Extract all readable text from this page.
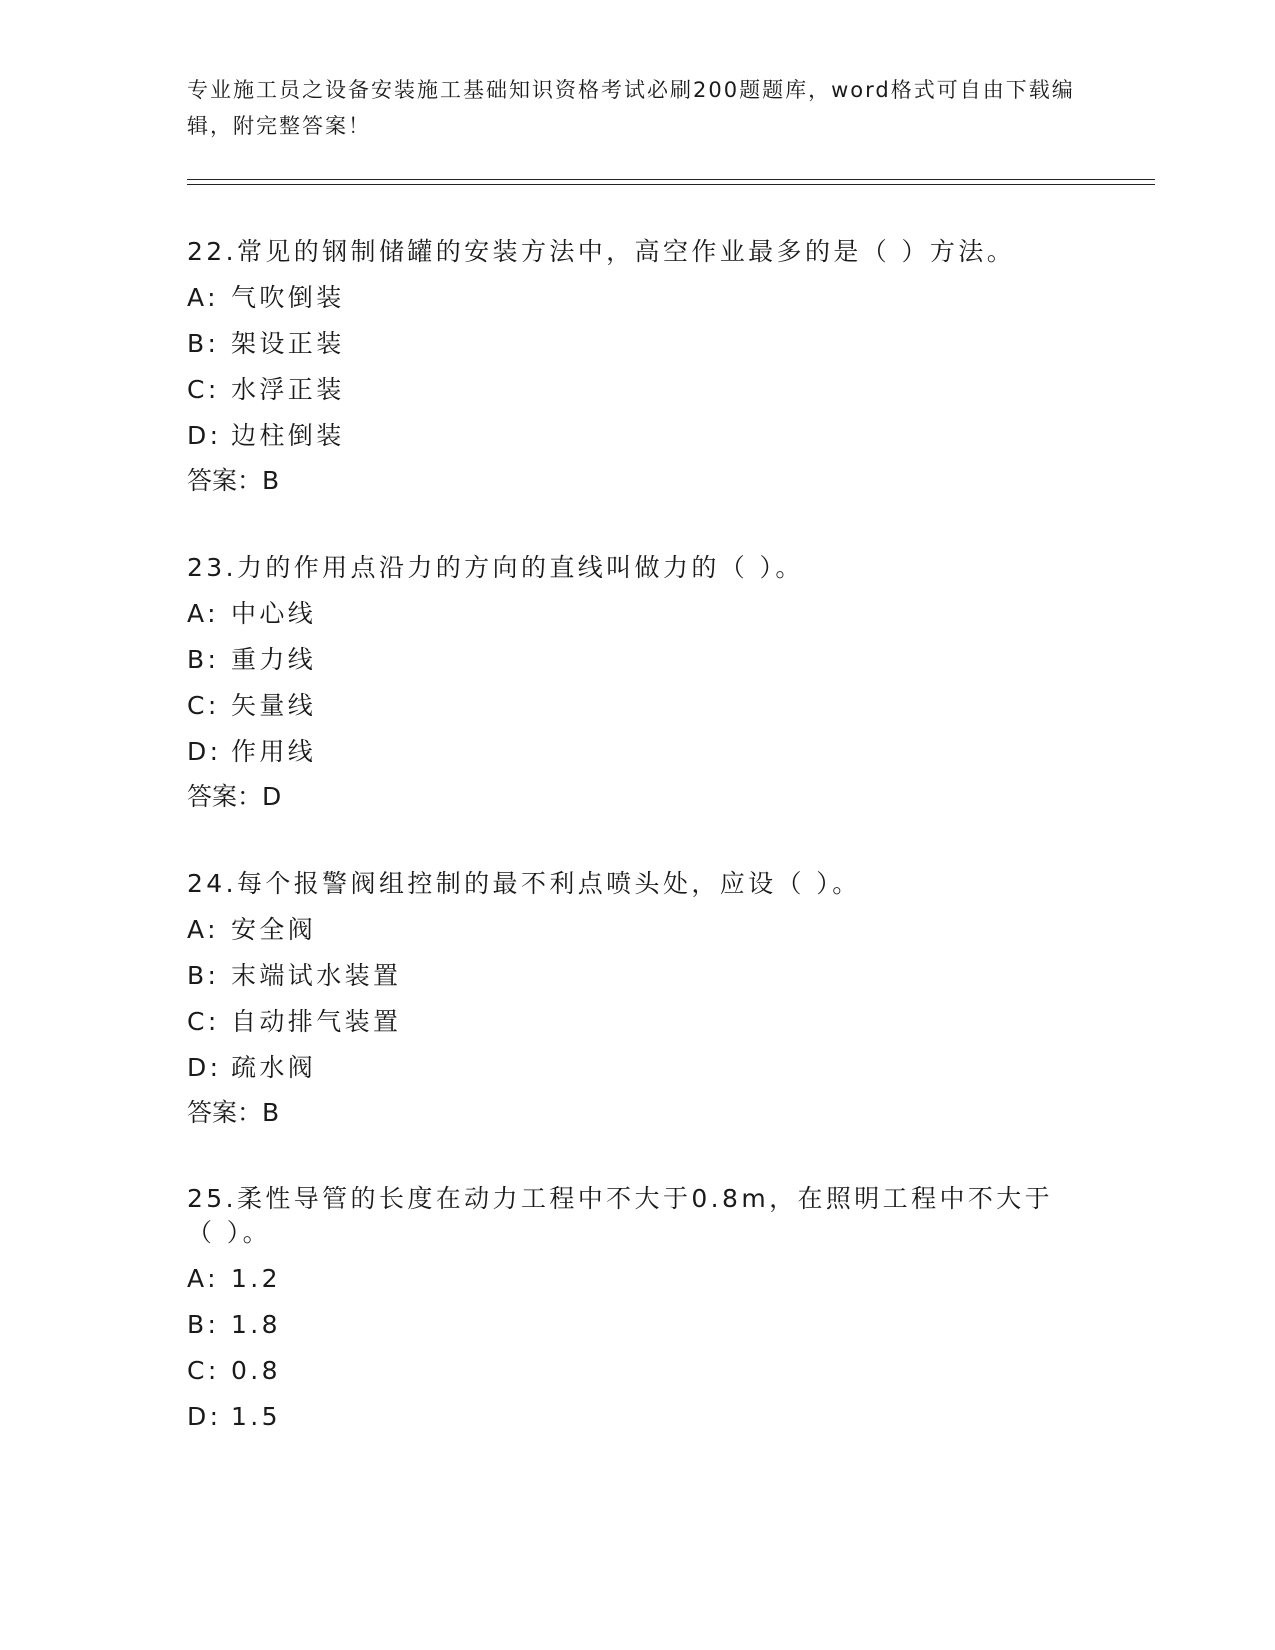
专业施工员之设备安装施工基础知识资格考试必刷200题题库，word格式可自由下载编辑，附完整答案！

22.常见的钢制储罐的安装方法中，高空作业最多的是（ ）方法。

A: 气吹倒装
B: 架设正装
C: 水浮正装
D: 边柱倒装
答案：B

23.力的作用点沿力的方向的直线叫做力的（ ）。

A: 中心线
B: 重力线
C: 矢量线
D: 作用线
答案：D

24.每个报警阀组控制的最不利点喷头处，应设（ ）。

A: 安全阀
B: 末端试水装置
C: 自动排气装置
D: 疏水阀
答案：B

25.柔性导管的长度在动力工程中不大于0.8m，在照明工程中不大于（ ）。

A: 1.2
B: 1.8
C: 0.8
D: 1.5
